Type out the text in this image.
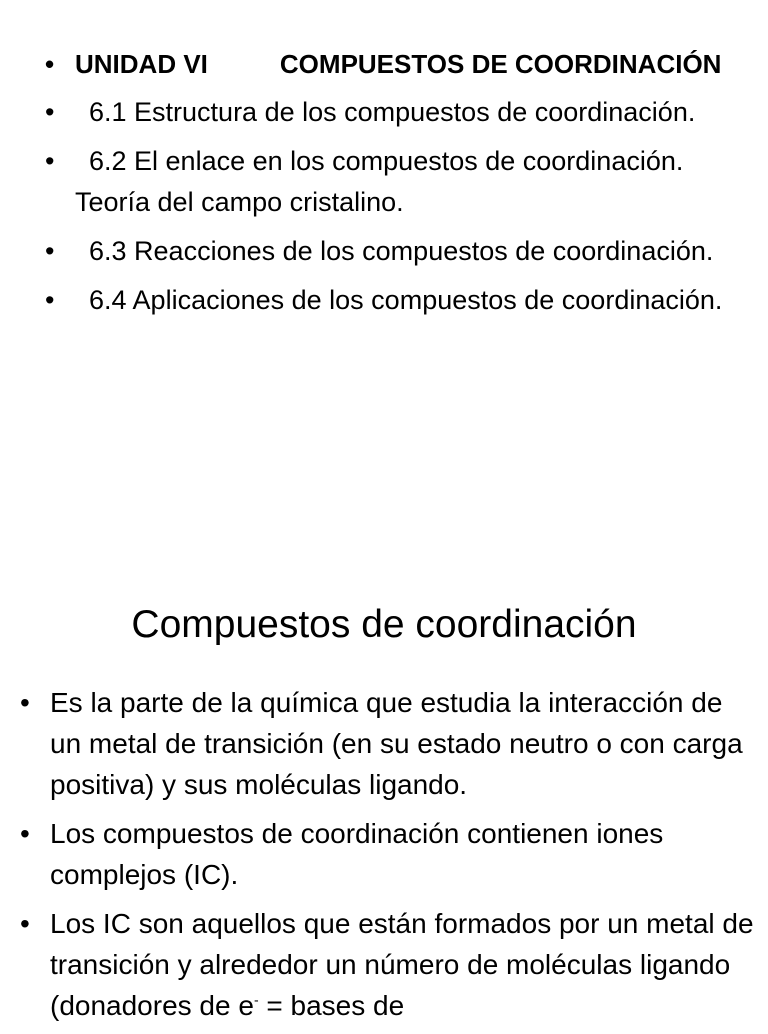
• UNIDAD VI	COMPUESTOS DE COORDINACIÓN
• 6.1 Estructura de los compuestos de coordinación.
• 6.2 El enlace en los compuestos de coordinación. Teoría del campo cristalino.
• 6.3 Reacciones de los compuestos de coordinación.
• 6.4 Aplicaciones de los compuestos de coordinación.
Compuestos de coordinación
• Es la parte de la química que estudia la interacción de un metal de transición (en su estado neutro o con carga positiva) y sus moléculas ligando.
• Los compuestos de coordinación contienen iones complejos (IC).
• Los IC son aquellos que están formados por un metal de transición y alrededor un número de moléculas ligando (donadores de e- = bases de
